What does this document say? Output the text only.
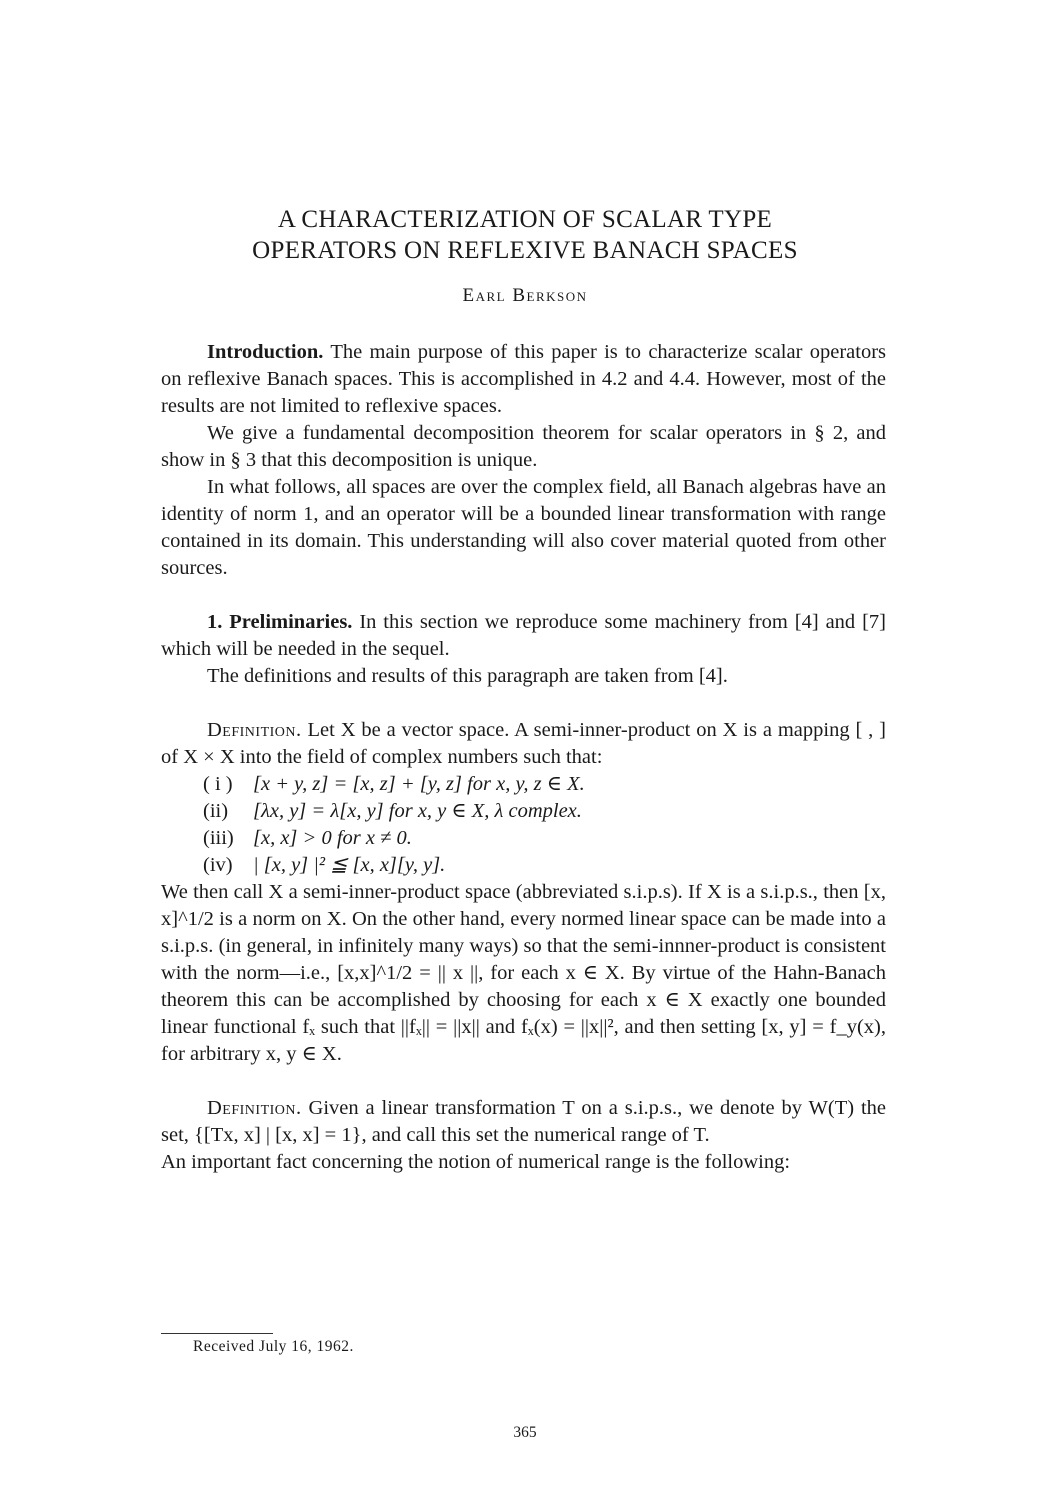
A CHARACTERIZATION OF SCALAR TYPE
OPERATORS ON REFLEXIVE BANACH SPACES
Earl Berkson

Introduction. The main purpose of this paper is to characterize scalar operators on reflexive Banach spaces. This is accomplished in 4.2 and 4.4. However, most of the results are not limited to reflexive spaces.

We give a fundamental decomposition theorem for scalar operators in § 2, and show in § 3 that this decomposition is unique.

In what follows, all spaces are over the complex field, all Banach algebras have an identity of norm 1, and an operator will be a bounded linear transformation with range contained in its domain. This understanding will also cover material quoted from other sources.

1. Preliminaries. In this section we reproduce some machinery from [4] and [7] which will be needed in the sequel.

The definitions and results of this paragraph are taken from [4].

Definition. Let X be a vector space. A semi-inner-product on X is a mapping [ , ] of X × X into the field of complex numbers such that:

( i ) [x + y, z] = [x, z] + [y, z] for x, y, z ∈ X.
(ii)	[λx, y] = λ[x, y] for x, y ∈ X, λ complex.
(iii) [x, x] > 0 for x ≠ 0.
(iv) | [x, y] |² ≦ [x, x][y, y].

We then call X a semi-inner-product space (abbreviated s.i.p.s). If X is a s.i.p.s., then [x, x]^1/2 is a norm on X. On the other hand, every normed linear space can be made into a s.i.p.s. (in general, in infinitely many ways) so that the semi-innner-product is consistent with the norm—i.e., [x,x]^1/2 = || x ||, for each x ∈ X. By virtue of the Hahn-Banach theorem this can be accomplished by choosing for each x ∈ X exactly one bounded linear functional fₓ such that ||fₓ|| = ||x|| and fₓ(x) = ||x||², and then setting [x, y] = f_y(x), for arbitrary x, y ∈ X.

Definition. Given a linear transformation T on a s.i.p.s., we denote by W(T) the set, {[Tx, x] | [x, x] = 1}, and call this set the numerical range of T.

An important fact concerning the notion of numerical range is the following:

Received July 16, 1962.
365
